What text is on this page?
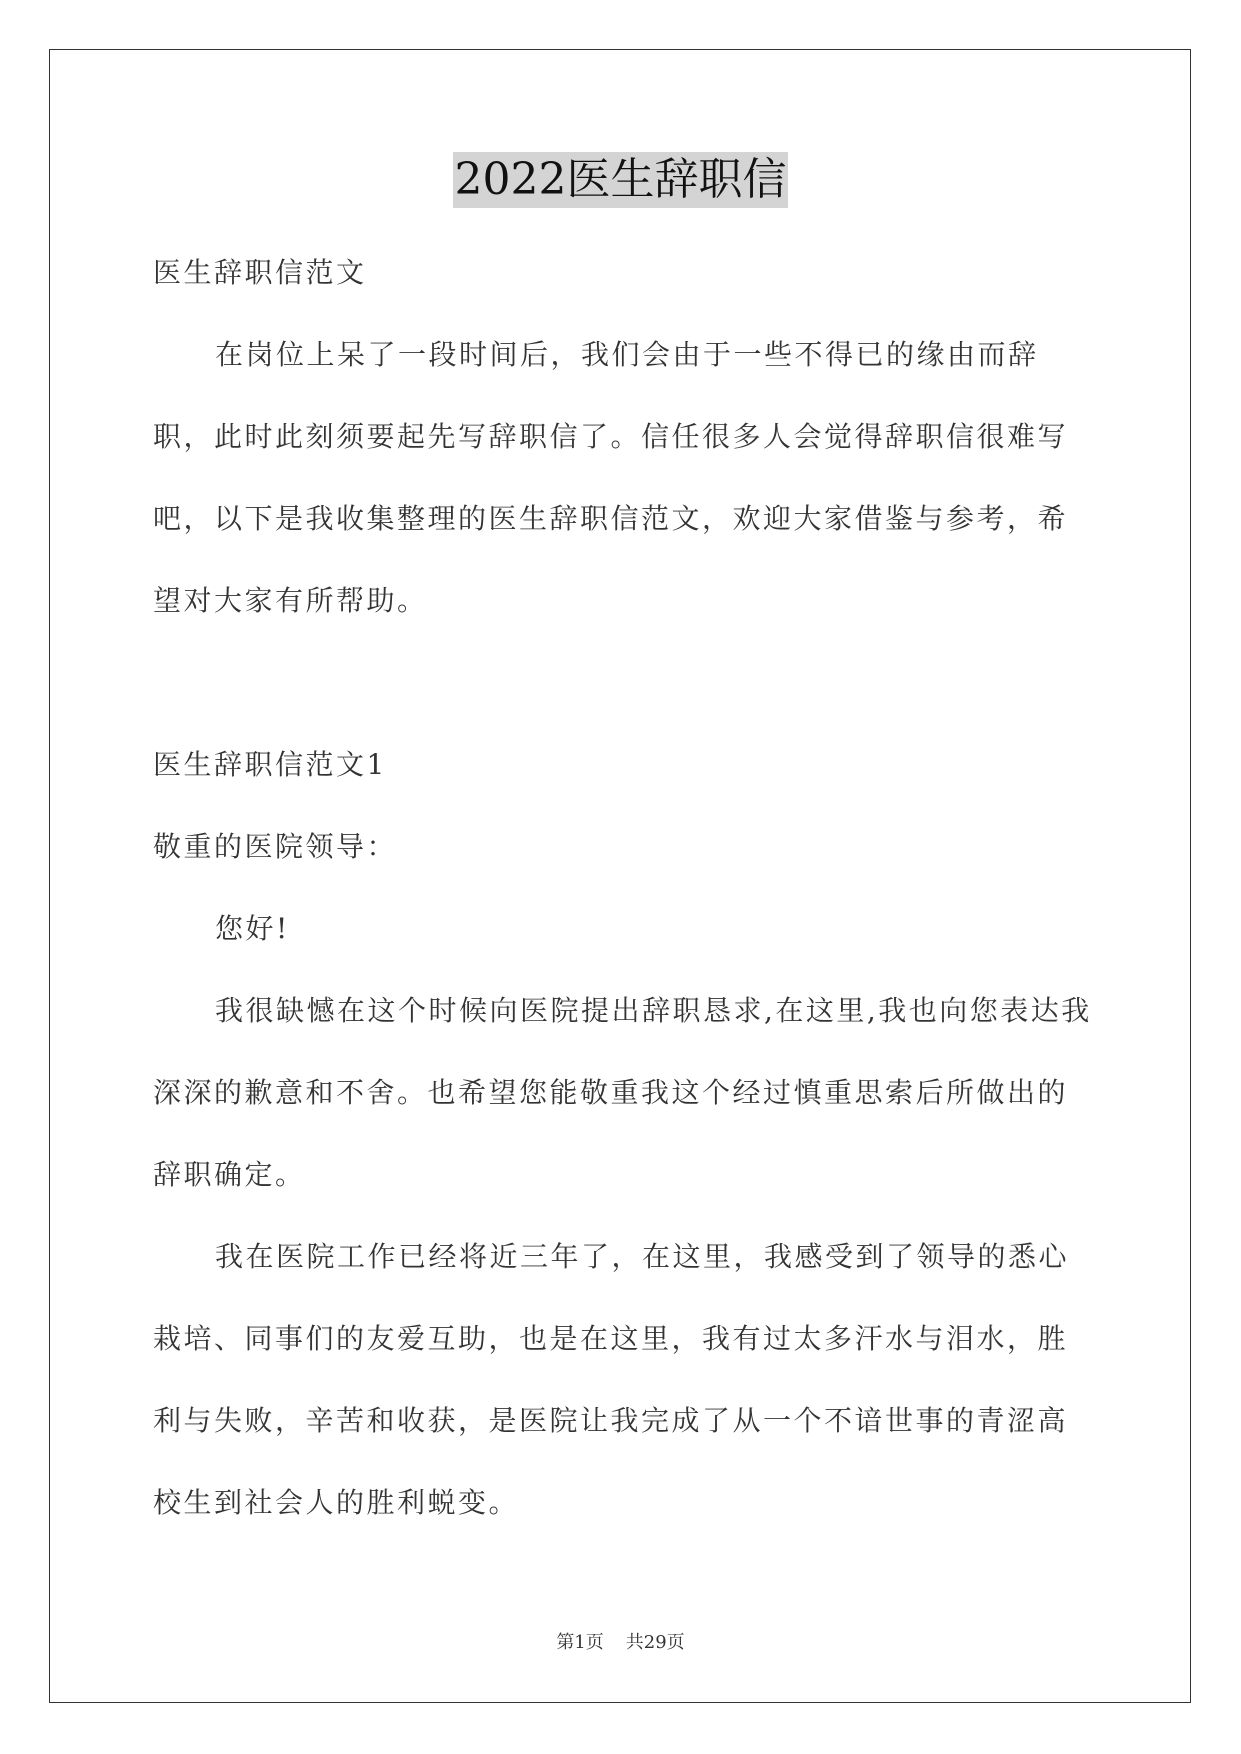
2022医生辞职信

医生辞职信范文

在岗位上呆了一段时间后，我们会由于一些不得已的缘由而辞职，此时此刻须要起先写辞职信了。信任很多人会觉得辞职信很难写吧，以下是我收集整理的医生辞职信范文，欢迎大家借鉴与参考，希望对大家有所帮助。

医生辞职信范文1

敬重的医院领导：

您好!

我很缺憾在这个时候向医院提出辞职恳求,在这里,我也向您表达我深深的歉意和不舍。也希望您能敬重我这个经过慎重思索后所做出的辞职确定。

我在医院工作已经将近三年了，在这里，我感受到了领导的悉心栽培、同事们的友爱互助，也是在这里，我有过太多汗水与泪水，胜利与失败，辛苦和收获，是医院让我完成了从一个不谙世事的青涩高校生到社会人的胜利蜕变。

第1页 共29页
